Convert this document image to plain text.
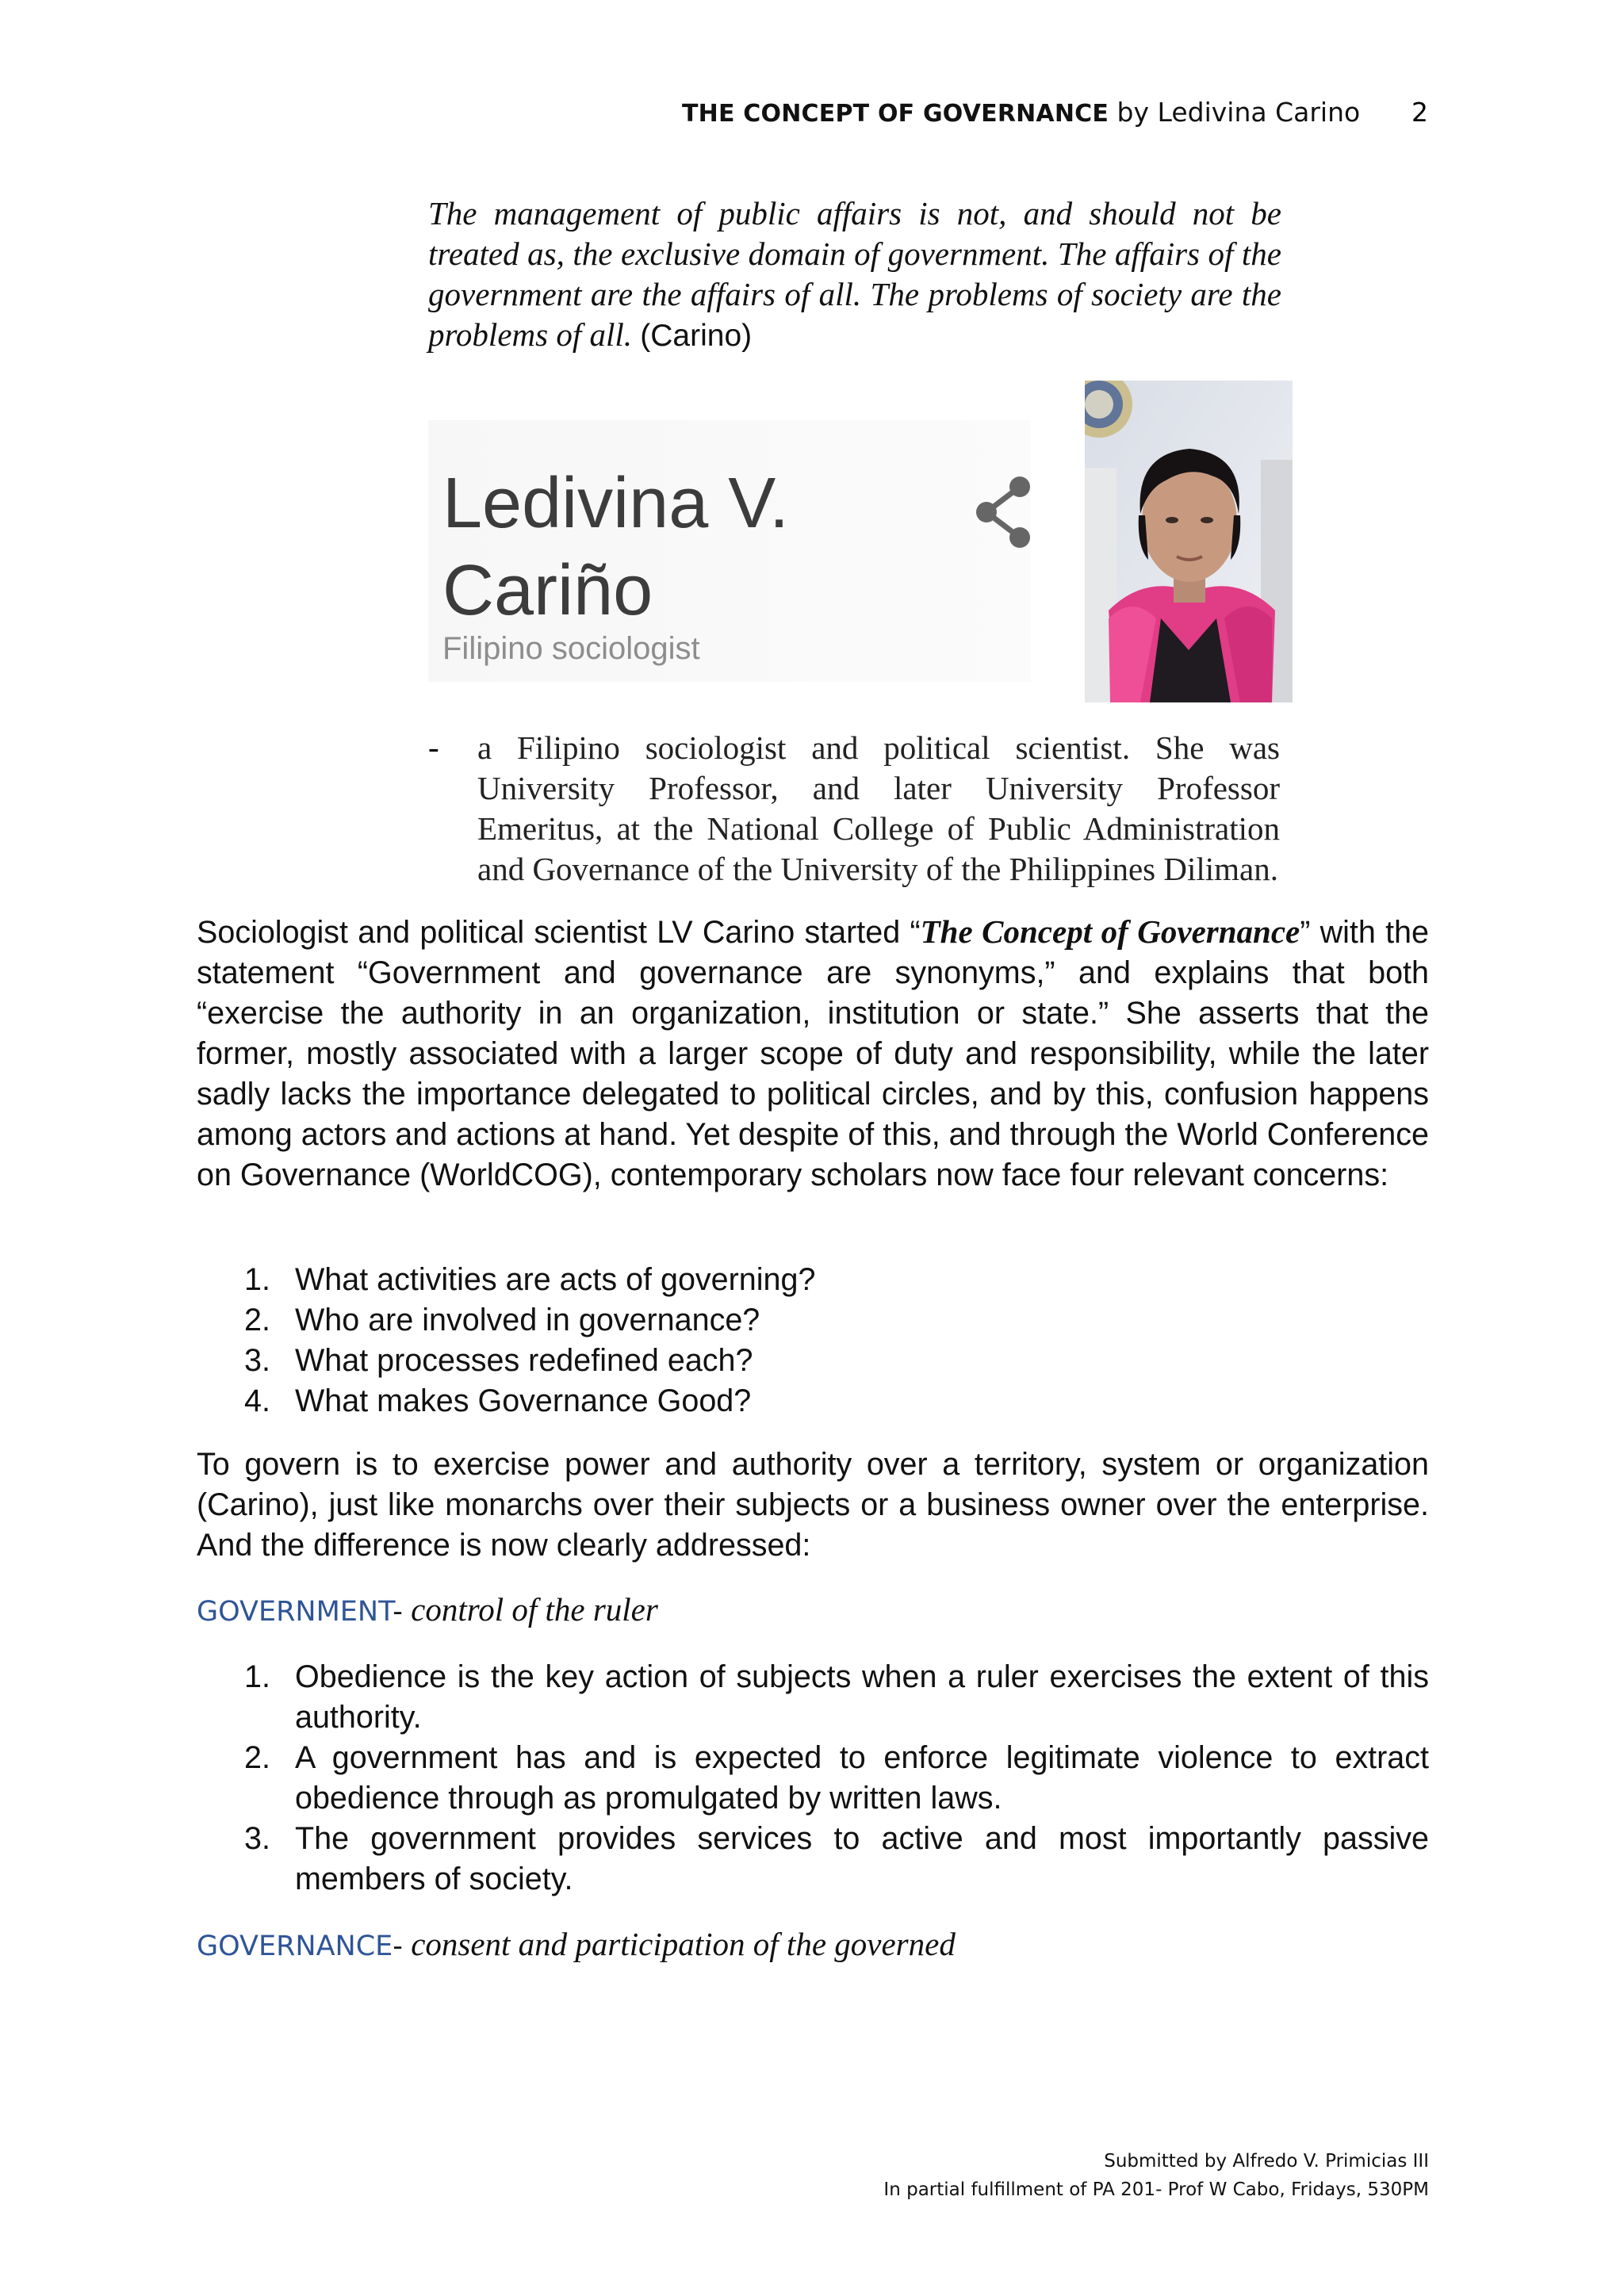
THE CONCEPT OF GOVERNANCE by Ledivina Carino 2
The management of public affairs is not, and should not be treated as, the exclusive domain of government. The affairs of the government are the affairs of all. The problems of society are the problems of all. (Carino)
Ledivina V.
Cariño
Filipino sociologist
- a Filipino sociologist and political scientist. She was University Professor, and later University Professor Emeritus, at the National College of Public Administration and Governance of the University of the Philippines Diliman.
Sociologist and political scientist LV Carino started “The Concept of Governance” with the statement “Government and governance are synonyms,” and explains that both “exercise the authority in an organization, institution or state.” She asserts that the former, mostly associated with a larger scope of duty and responsibility, while the later sadly lacks the importance delegated to political circles, and by this, confusion happens among actors and actions at hand. Yet despite of this, and through the World Conference on Governance (WorldCOG), contemporary scholars now face four relevant concerns:
1. What activities are acts of governing?
2. Who are involved in governance?
3. What processes redefined each?
4. What makes Governance Good?
To govern is to exercise power and authority over a territory, system or organization (Carino), just like monarchs over their subjects or a business owner over the enterprise. And the difference is now clearly addressed:
GOVERNMENT- control of the ruler
1. Obedience is the key action of subjects when a ruler exercises the extent of this authority.
2. A government has and is expected to enforce legitimate violence to extract obedience through as promulgated by written laws.
3. The government provides services to active and most importantly passive members of society.
GOVERNANCE- consent and participation of the governed
Submitted by Alfredo V. Primicias III
In partial fulfillment of PA 201- Prof W Cabo, Fridays, 530PM
